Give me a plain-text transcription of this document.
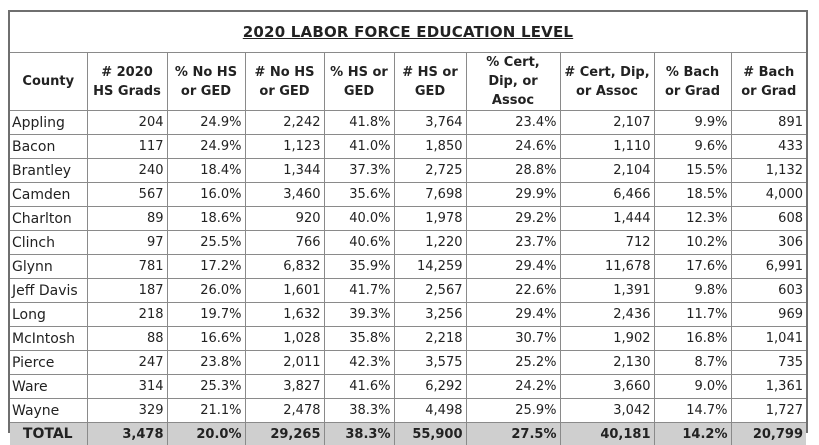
2020 LABOR FORCE EDUCATION LEVEL
County	# 2020 HS Grads	% No HS or GED	# No HS or GED	% HS or GED	# HS or GED	% Cert, Dip, or Assoc	# Cert, Dip, or Assoc	% Bach or Grad	# Bach or Grad
Appling	204	24.9%	2,242	41.8%	3,764	23.4%	2,107	9.9%	891
Bacon	117	24.9%	1,123	41.0%	1,850	24.6%	1,110	9.6%	433
Brantley	240	18.4%	1,344	37.3%	2,725	28.8%	2,104	15.5%	1,132
Camden	567	16.0%	3,460	35.6%	7,698	29.9%	6,466	18.5%	4,000
Charlton	89	18.6%	920	40.0%	1,978	29.2%	1,444	12.3%	608
Clinch	97	25.5%	766	40.6%	1,220	23.7%	712	10.2%	306
Glynn	781	17.2%	6,832	35.9%	14,259	29.4%	11,678	17.6%	6,991
Jeff Davis	187	26.0%	1,601	41.7%	2,567	22.6%	1,391	9.8%	603
Long	218	19.7%	1,632	39.3%	3,256	29.4%	2,436	11.7%	969
McIntosh	88	16.6%	1,028	35.8%	2,218	30.7%	1,902	16.8%	1,041
Pierce	247	23.8%	2,011	42.3%	3,575	25.2%	2,130	8.7%	735
Ware	314	25.3%	3,827	41.6%	6,292	24.2%	3,660	9.0%	1,361
Wayne	329	21.1%	2,478	38.3%	4,498	25.9%	3,042	14.7%	1,727
TOTAL	3,478	20.0%	29,265	38.3%	55,900	27.5%	40,181	14.2%	20,799
